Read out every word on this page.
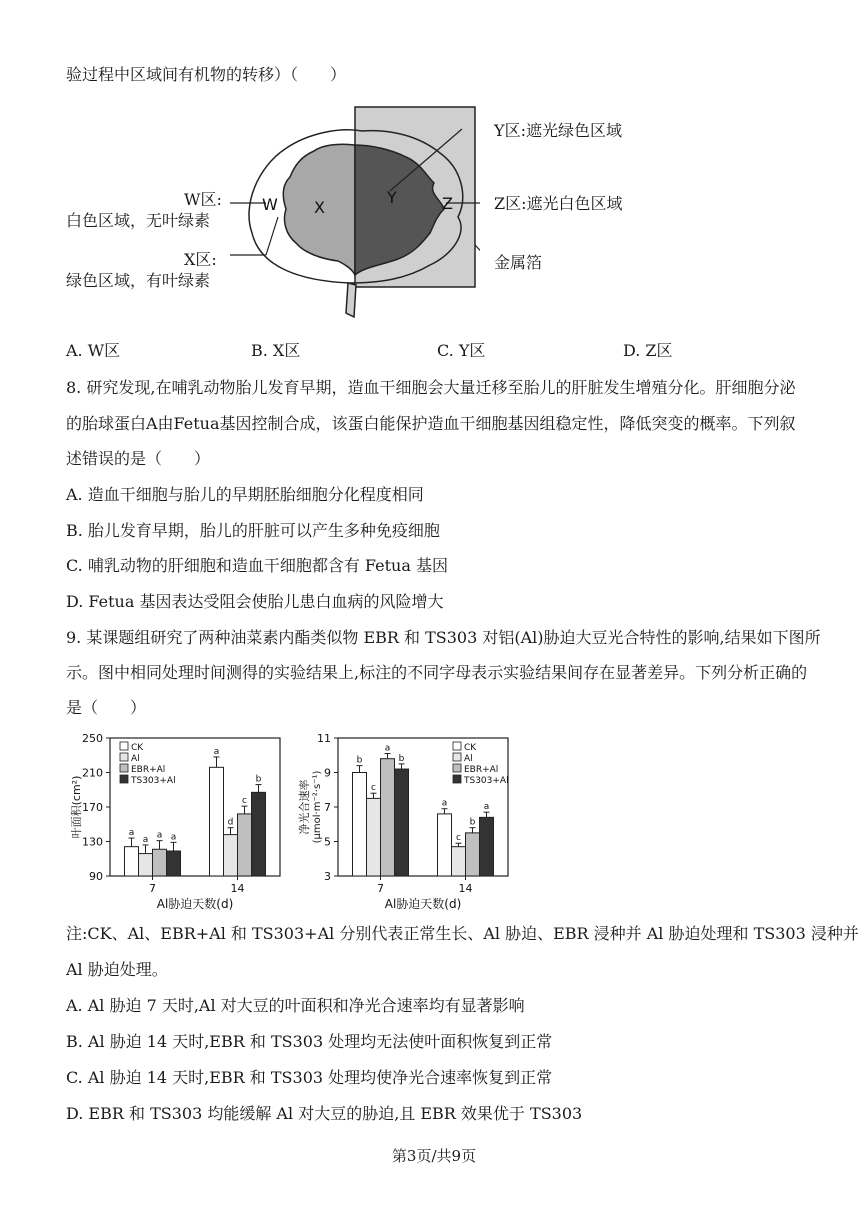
验过程中区域间有机物的转移）（　　）
W X
Y	Z
Y区:遮光绿色区域
Z区:遮光白色区域
金属箔
W区:
白色区域，无叶绿素
X区:
绿色区域，有叶绿素
A. W区	B. X区	C. Y区	D. Z区
8. 研究发现,在哺乳动物胎儿发育早期，造血干细胞会大量迁移至胎儿的肝脏发生增殖分化。肝细胞分泌
的胎球蛋白A由Fetua基因控制合成，该蛋白能保护造血干细胞基因组稳定性，降低突变的概率。下列叙
述错误的是（　　）
A. 造血干细胞与胎儿的早期胚胎细胞分化程度相同
B. 胎儿发育早期，胎儿的肝脏可以产生多种免疫细胞
C. 哺乳动物的肝细胞和造血干细胞都含有 Fetua 基因
D. Fetua 基因表达受阻会使胎儿患白血病的风险增大
9. 某课题组研究了两种油菜素内酯类似物 EBR 和 TS303 对铝(Al)胁迫大豆光合特性的影响,结果如下图所
示。图中相同处理时间测得的实验结果上,标注的不同字母表示实验结果间存在显著差异。下列分析正确的
是（　　）
90
130
170
210
250
叶面积(cm²)
7
a
a a a
14
a
d
c
b
Al胁迫天数(d)
CK
Al
EBR+Al
TS303+Al
3
5
7
9
11
净光合速率 (μmol·m⁻²·s⁻¹)
7
b
c
a
b
14
a
c
b
a
Al胁迫天数(d)
CK
Al
EBR+Al
TS303+Al
注:CK、Al、EBR+Al 和 TS303+Al 分别代表正常生长、Al 胁迫、EBR 浸种并 Al 胁迫处理和 TS303 浸种并
Al 胁迫处理。
A. Al 胁迫 7 天时,Al 对大豆的叶面积和净光合速率均有显著影响
B. Al 胁迫 14 天时,EBR 和 TS303 处理均无法使叶面积恢复到正常
C. Al 胁迫 14 天时,EBR 和 TS303 处理均使净光合速率恢复到正常
D. EBR 和 TS303 均能缓解 Al 对大豆的胁迫,且 EBR 效果优于 TS303
第3页/共9页
